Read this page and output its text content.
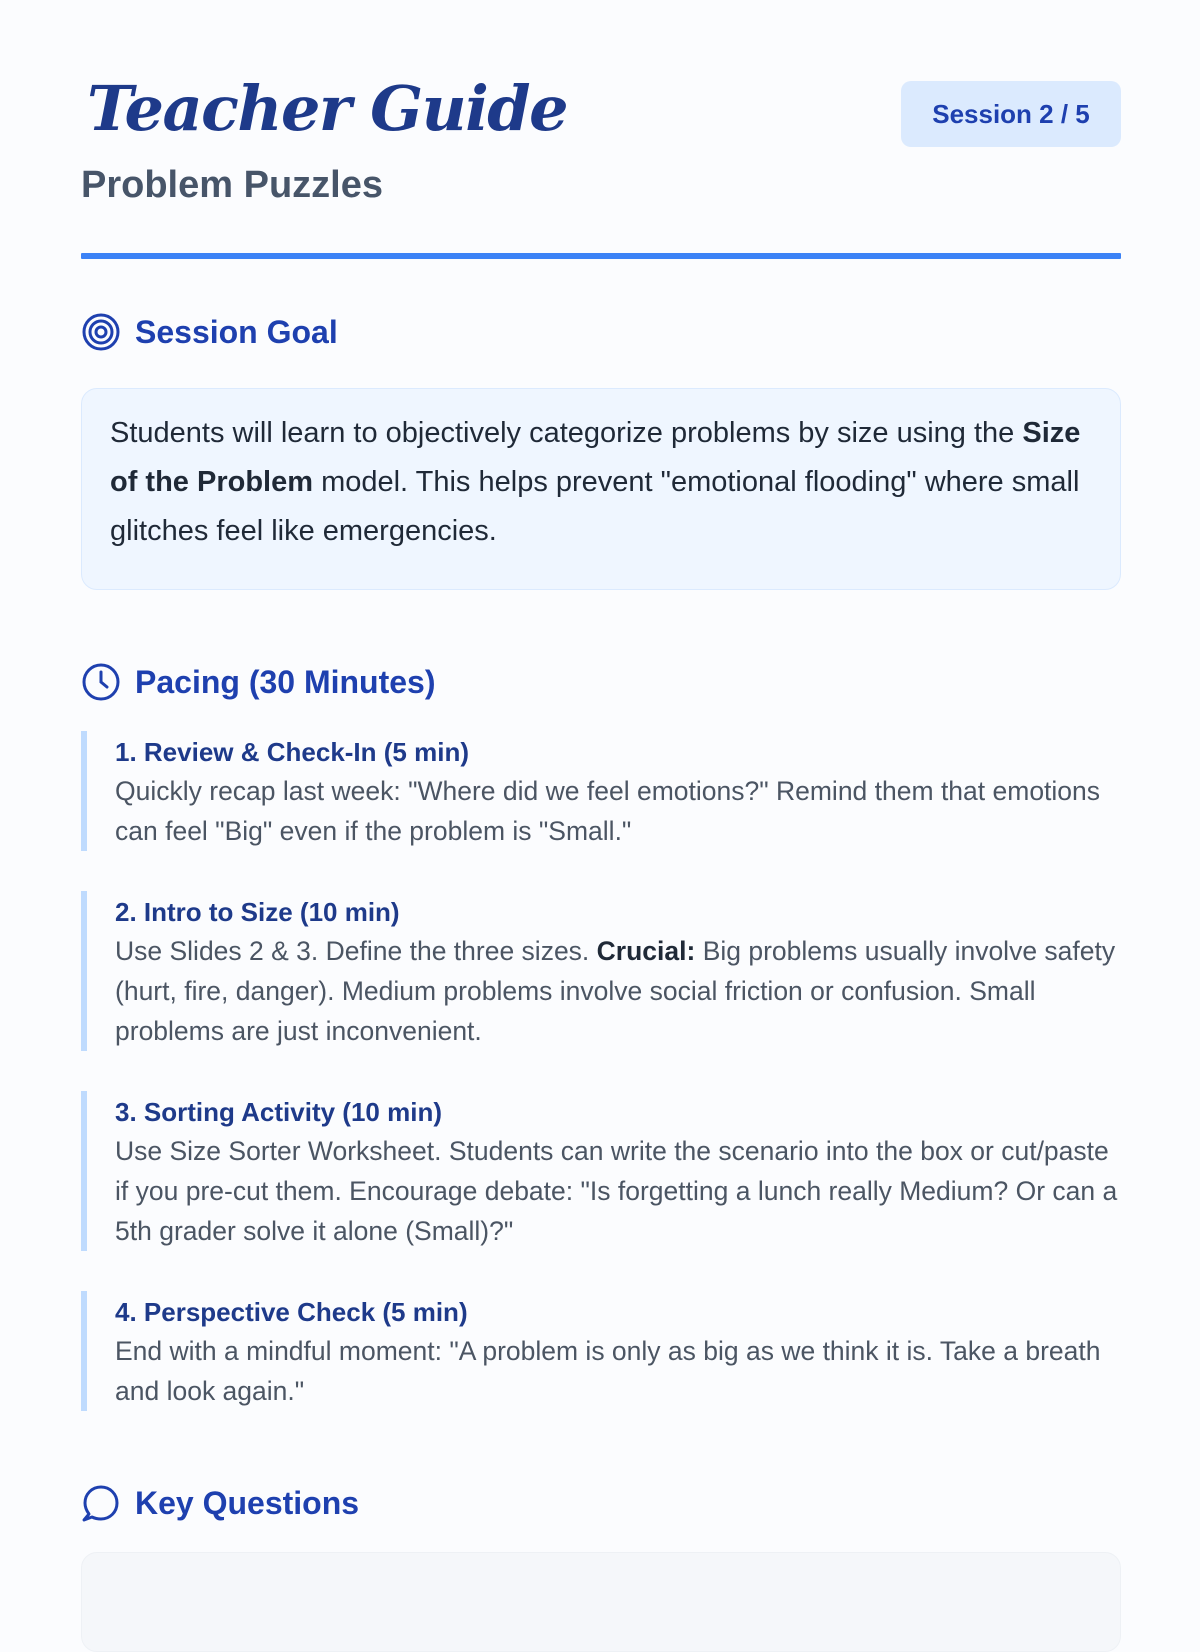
Teacher Guide
Problem Puzzles
Session 2 / 5
Session Goal

Students will learn to objectively categorize problems by size using the Size of the Problem model. This helps prevent "emotional flooding" where small glitches feel like emergencies.

Pacing (30 Minutes)
1. Review & Check-In (5 min)
Quickly recap last week: "Where did we feel emotions?" Remind them that emotions can feel "Big" even if the problem is "Small."
2. Intro to Size (10 min)
Use Slides 2 & 3. Define the three sizes. Crucial: Big problems usually involve safety (hurt, fire, danger). Medium problems involve social friction or confusion. Small problems are just inconvenient.
3. Sorting Activity (10 min)
Use Size Sorter Worksheet. Students can write the scenario into the box or cut/paste if you pre-cut them. Encourage debate: "Is forgetting a lunch really Medium? Or can a 5th grader solve it alone (Small)?"
4. Perspective Check (5 min)
End with a mindful moment: "A problem is only as big as we think it is. Take a breath and look again."
Key Questions
